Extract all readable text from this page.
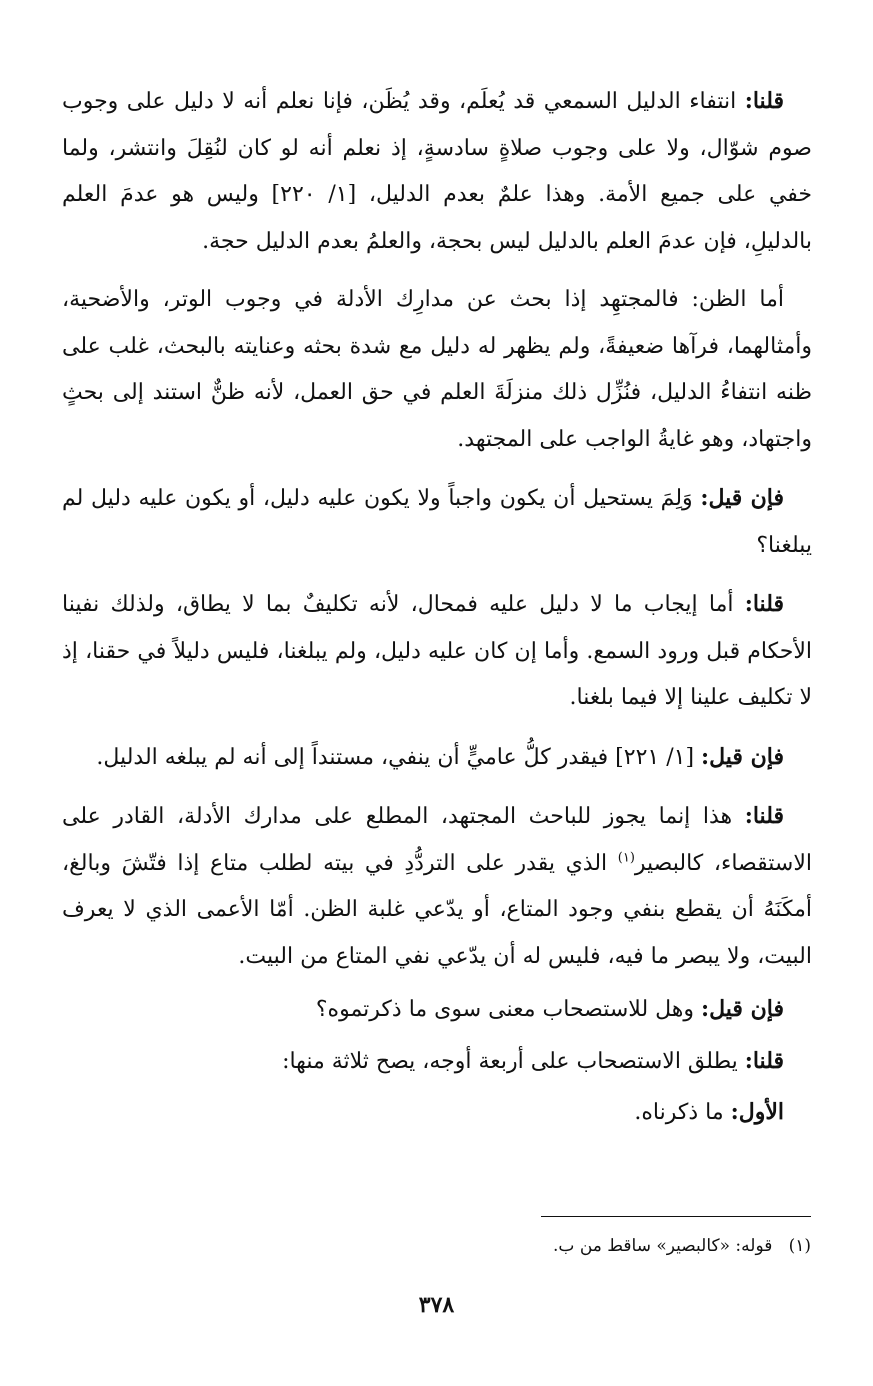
قلنا: انتفاء الدليل السمعي قد يُعلَم، وقد يُظَن، فإنا نعلم أنه لا دليل على وجوب صوم شوّال، ولا على وجوب صلاةٍ سادسةٍ، إذ نعلم أنه لو كان لنُقِلَ وانتشر، ولما خفي على جميع الأمة. وهذا علمٌ بعدم الدليل، [١/ ٢٢٠] وليس هو عدمَ العلم بالدليلِ، فإن عدمَ العلم بالدليل ليس بحجة، والعلمُ بعدم الدليل حجة.

أما الظن: فالمجتهِد إذا بحث عن مدارِك الأدلة في وجوب الوتر، والأضحية، وأمثالهما، فرآها ضعيفةً، ولم يظهر له دليل مع شدة بحثه وعنايته بالبحث، غلب على ظنه انتفاءُ الدليل، فنُزِّل ذلك منزلَةَ العلم في حق العمل، لأنه ظنٌّ استند إلى بحثٍ واجتهاد، وهو غايةُ الواجب على المجتهد.

فإن قيل: وَلِمَ يستحيل أن يكون واجباً ولا يكون عليه دليل، أو يكون عليه دليل لم يبلغنا؟

قلنا: أما إيجاب ما لا دليل عليه فمحال، لأنه تكليفٌ بما لا يطاق، ولذلك نفينا الأحكام قبل ورود السمع. وأما إن كان عليه دليل، ولم يبلغنا، فليس دليلاً في حقنا، إذ لا تكليف علينا إلا فيما بلغنا.

فإن قيل: [١/ ٢٢١] فيقدر كلُّ عاميٍّ أن ينفي، مستنداً إلى أنه لم يبلغه الدليل.

قلنا: هذا إنما يجوز للباحث المجتهد، المطلع على مدارك الأدلة، القادر على الاستقصاء، كالبصير$^{(١)}$ الذي يقدر على التردُّدِ في بيته لطلب متاع إذا فتّشَ وبالغ، أمكَنَهُ أن يقطع بنفي وجود المتاع، أو يدّعي غلبة الظن. أمّا الأعمى الذي لا يعرف البيت، ولا يبصر ما فيه، فليس له أن يدّعي نفي المتاع من البيت.

فإن قيل: وهل للاستصحاب معنى سوى ما ذكرتموه؟
قلنا: يطلق الاستصحاب على أربعة أوجه، يصح ثلاثة منها:
الأول: ما ذكرناه.
(١)   قوله: «كالبصير» ساقط من ب.
٣٧٨
